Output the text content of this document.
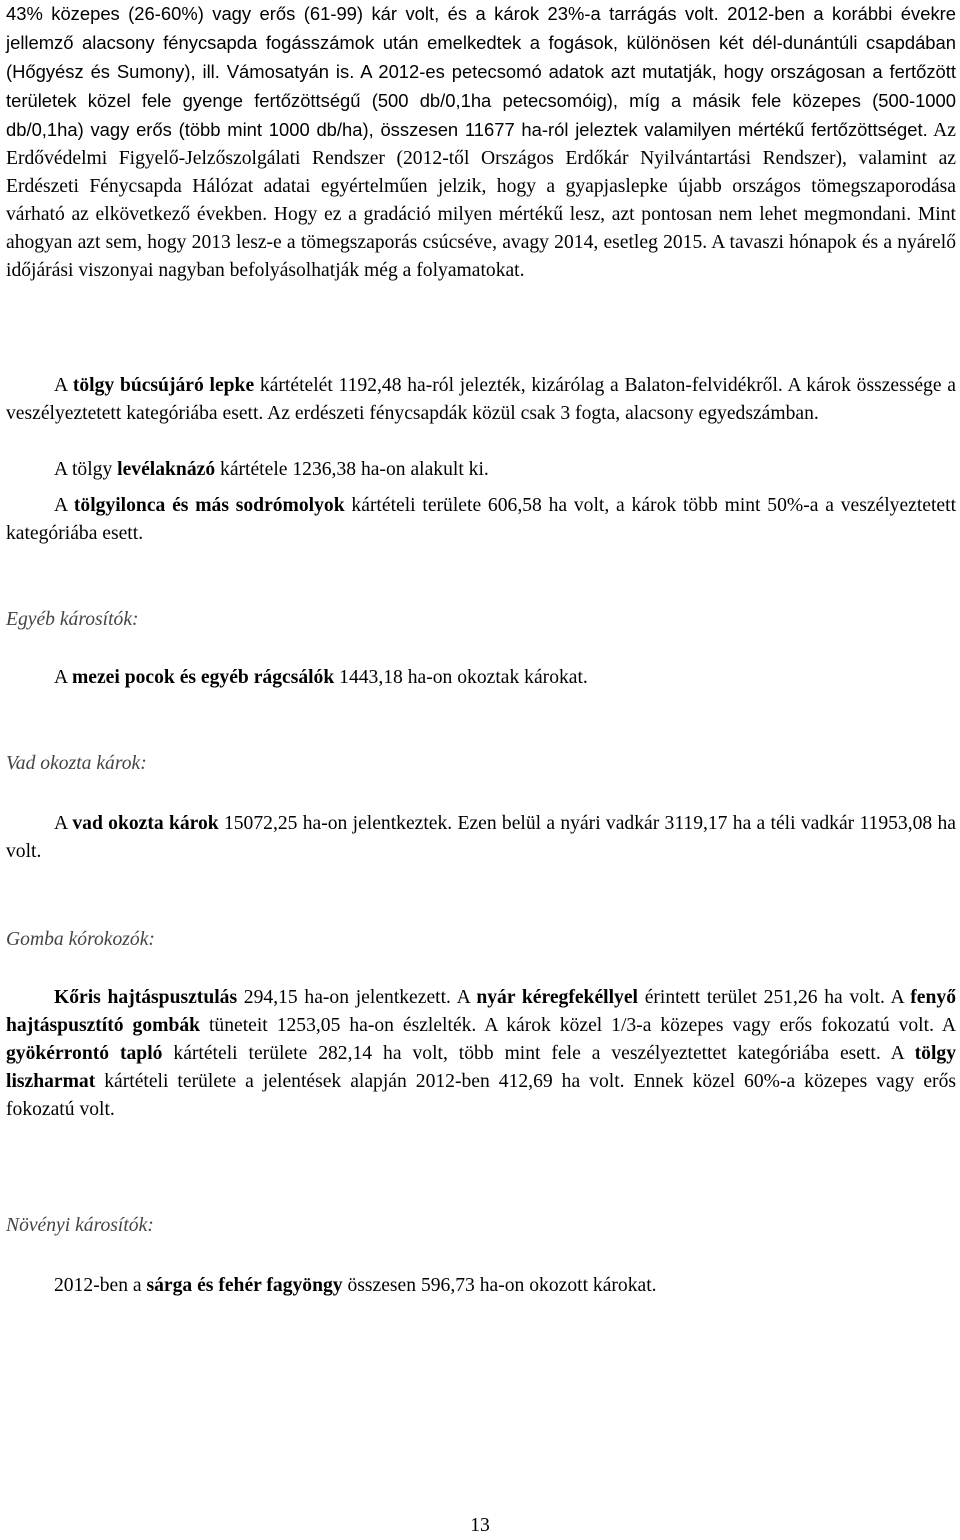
43% közepes (26-60%) vagy erős (61-99) kár volt, és a károk 23%-a tarrágás volt. 2012-ben a korábbi évekre jellemző alacsony fénycsapda fogásszámok után emelkedtek a fogások, különösen két dél-dunántúli csapdában (Hőgyész és Sumony), ill. Vámosatyán is. A 2012-es petecsomó adatok azt mutatják, hogy országosan a fertőzött területek közel fele gyenge fertőzöttségű (500 db/0,1ha petecsomóig), míg a másik fele közepes (500-1000 db/0,1ha) vagy erős (több mint 1000 db/ha), összesen 11677 ha-ról jeleztek valamilyen mértékű fertőzöttséget. Az Erdővédelmi Figyelő-Jelzőszolgálati Rendszer (2012-től Országos Erdőkár Nyilvántartási Rendszer), valamint az Erdészeti Fénycsapda Hálózat adatai egyértelműen jelzik, hogy a gyapjaslepke újabb országos tömegszaporodása várható az elkövetkező években. Hogy ez a gradáció milyen mértékű lesz, azt pontosan nem lehet megmondani. Mint ahogyan azt sem, hogy 2013 lesz-e a tömegszaporás csúcséve, avagy 2014, esetleg 2015. A tavaszi hónapok és a nyárelő időjárási viszonyai nagyban befolyásolhatják még a folyamatokat.

A tölgy búcsújáró lepke kártételét 1192,48 ha-ról jelezték, kizárólag a Balaton-felvidékről. A károk összessége a veszélyeztetett kategóriába esett. Az erdészeti fénycsapdák közül csak 3 fogta, alacsony egyedszámban.

A tölgy levélaknázó kártétele 1236,38 ha-on alakult ki.

A tölgyilonca és más sodrómolyok kártételi területe 606,58 ha volt, a károk több mint 50%-a a veszélyeztetett kategóriába esett.

Egyéb károsítók:

A mezei pocok és egyéb rágcsálók 1443,18 ha-on okoztak károkat.

Vad okozta károk:

A vad okozta károk 15072,25 ha-on jelentkeztek. Ezen belül a nyári vadkár 3119,17 ha a téli vadkár 11953,08 ha volt.

Gomba kórokozók:

Kőris hajtáspusztulás 294,15 ha-on jelentkezett. A nyár kéregfekéllyel érintett terület 251,26 ha volt. A fenyő hajtáspusztító gombák tüneteit 1253,05 ha-on észlelték. A károk közel 1/3-a közepes vagy erős fokozatú volt. A gyökérrontó tapló kártételi területe 282,14 ha volt, több mint fele a veszélyeztettet kategóriába esett. A tölgy liszharmat kártételi területe a jelentések alapján 2012-ben 412,69 ha volt. Ennek közel 60%-a közepes vagy erős fokozatú volt.

Növényi károsítók:

2012-ben a sárga és fehér fagyöngy összesen 596,73 ha-on okozott károkat.

13
